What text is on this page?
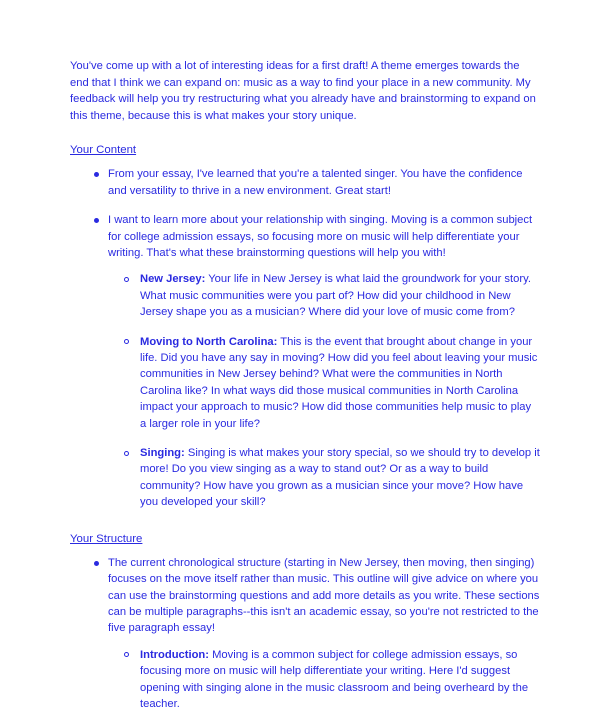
You've come up with a lot of interesting ideas for a first draft! A theme emerges towards the end that I think we can expand on: music as a way to find your place in a new community. My feedback will help you try restructuring what you already have and brainstorming to expand on this theme, because this is what makes your story unique.

Your Content
From your essay, I've learned that you're a talented singer. You have the confidence and versatility to thrive in a new environment. Great start!
I want to learn more about your relationship with singing. Moving is a common subject for college admission essays, so focusing more on music will help differentiate your writing. That's what these brainstorming questions will help you with!
New Jersey: Your life in New Jersey is what laid the groundwork for your story. What music communities were you part of? How did your childhood in New Jersey shape you as a musician? Where did your love of music come from?
Moving to North Carolina: This is the event that brought about change in your life. Did you have any say in moving? How did you feel about leaving your music communities in New Jersey behind? What were the communities in North Carolina like? In what ways did those musical communities in North Carolina impact your approach to music? How did those communities help music to play a larger role in your life?
Singing: Singing is what makes your story special, so we should try to develop it more! Do you view singing as a way to stand out? Or as a way to build community? How have you grown as a musician since your move? How have you developed your skill?
Your Structure
The current chronological structure (starting in New Jersey, then moving, then singing) focuses on the move itself rather than music. This outline will give advice on where you can use the brainstorming questions and add more details as you write. These sections can be multiple paragraphs--this isn't an academic essay, so you're not restricted to the five paragraph essay!
Introduction: Moving is a common subject for college admission essays, so focusing more on music will help differentiate your writing. Here I'd suggest opening with singing alone in the music classroom and being overheard by the teacher.
